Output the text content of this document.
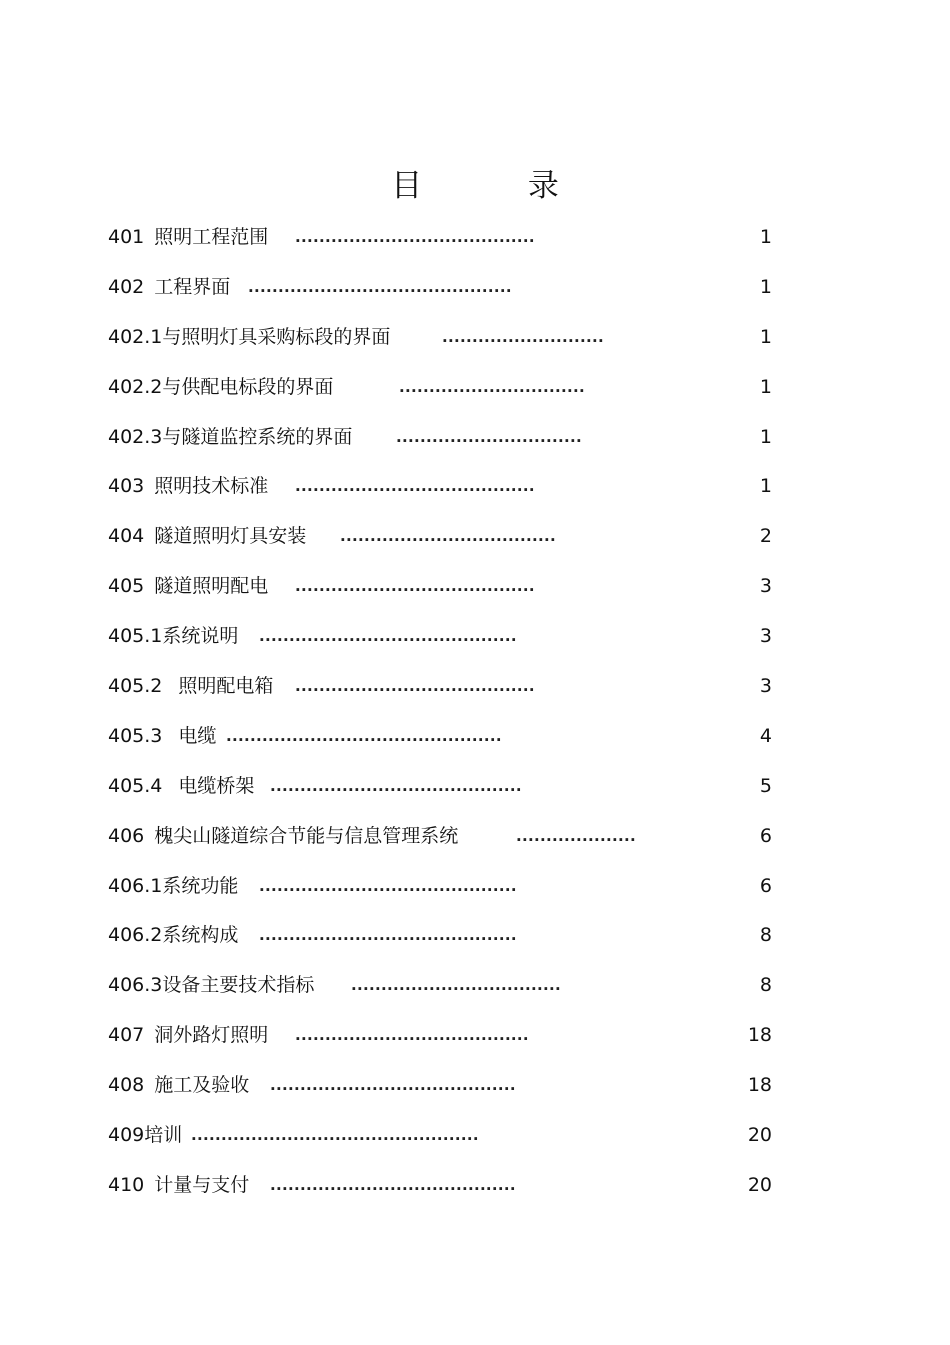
目 录
401 照明工程范围 ........................................	1
402 工程界面 ............................................	1
402.1与照明灯具采购标段的界面	...........................	1
402.2与供配电标段的界面	...............................	1
402.3与隧道监控系统的界面	...............................	1
403 照明技术标准 ........................................	1
404 隧道照明灯具安装 ....................................	2
405 隧道照明配电 ........................................	3
405.1系统说明 ...........................................	3
405.2 照明配电箱 ........................................	3
405.3 电缆 ..............................................	4
405.4 电缆桥架 ..........................................	5
406 槐尖山隧道综合节能与信息管理系统	....................	6
406.1系统功能 ...........................................	6
406.2系统构成 ...........................................	8
406.3设备主要技术指标 ...................................	8
407 洞外路灯照明 .......................................	18
408 施工及验收 .........................................	18
409培训 ................................................	20
410 计量与支付 .........................................	20
